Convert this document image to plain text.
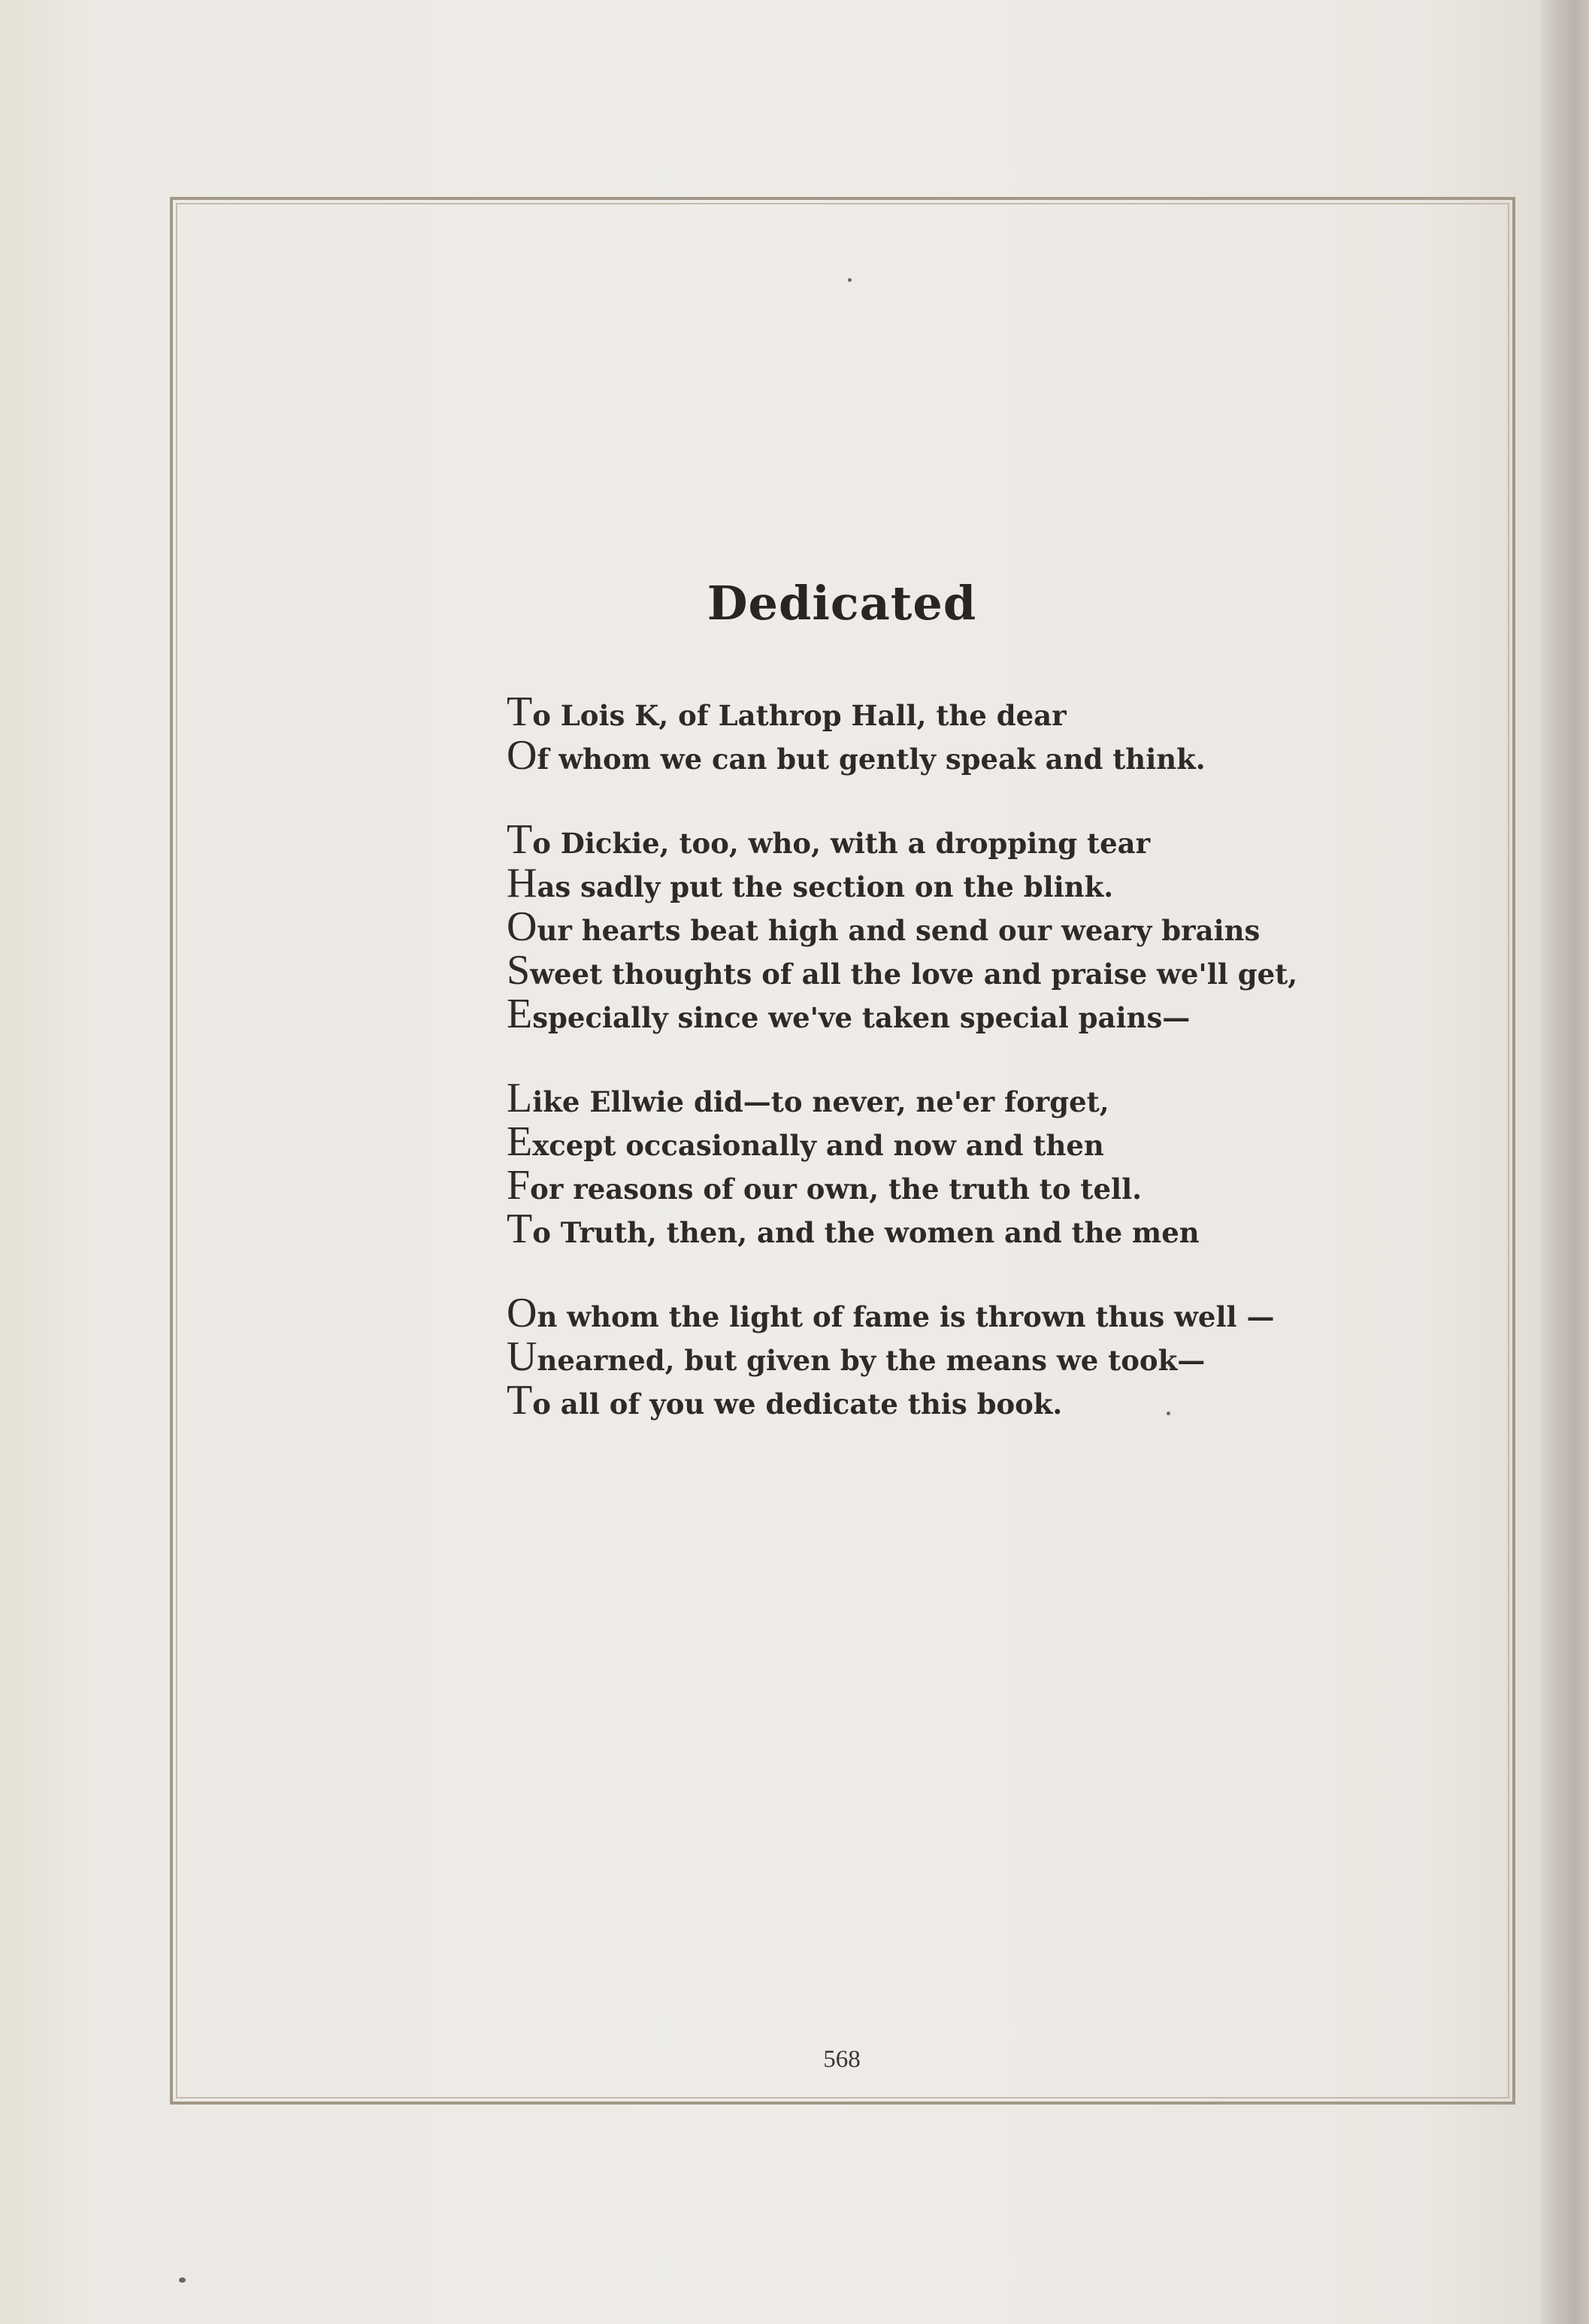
Dedicated
To Lois K, of Lathrop Hall, the dear
Of whom we can but gently speak and think.
To Dickie, too, who, with a dropping tear
Has sadly put the section on the blink.
Our hearts beat high and send our weary brains
Sweet thoughts of all the love and praise we'll get,
Especially since we've taken special pains—
Like Ellwie did—to never, ne'er forget,
Except occasionally and now and then
For reasons of our own, the truth to tell.
To Truth, then, and the women and the men
On whom the light of fame is thrown thus well —
Unearned, but given by the means we took—
To all of you we dedicate this book.
568
